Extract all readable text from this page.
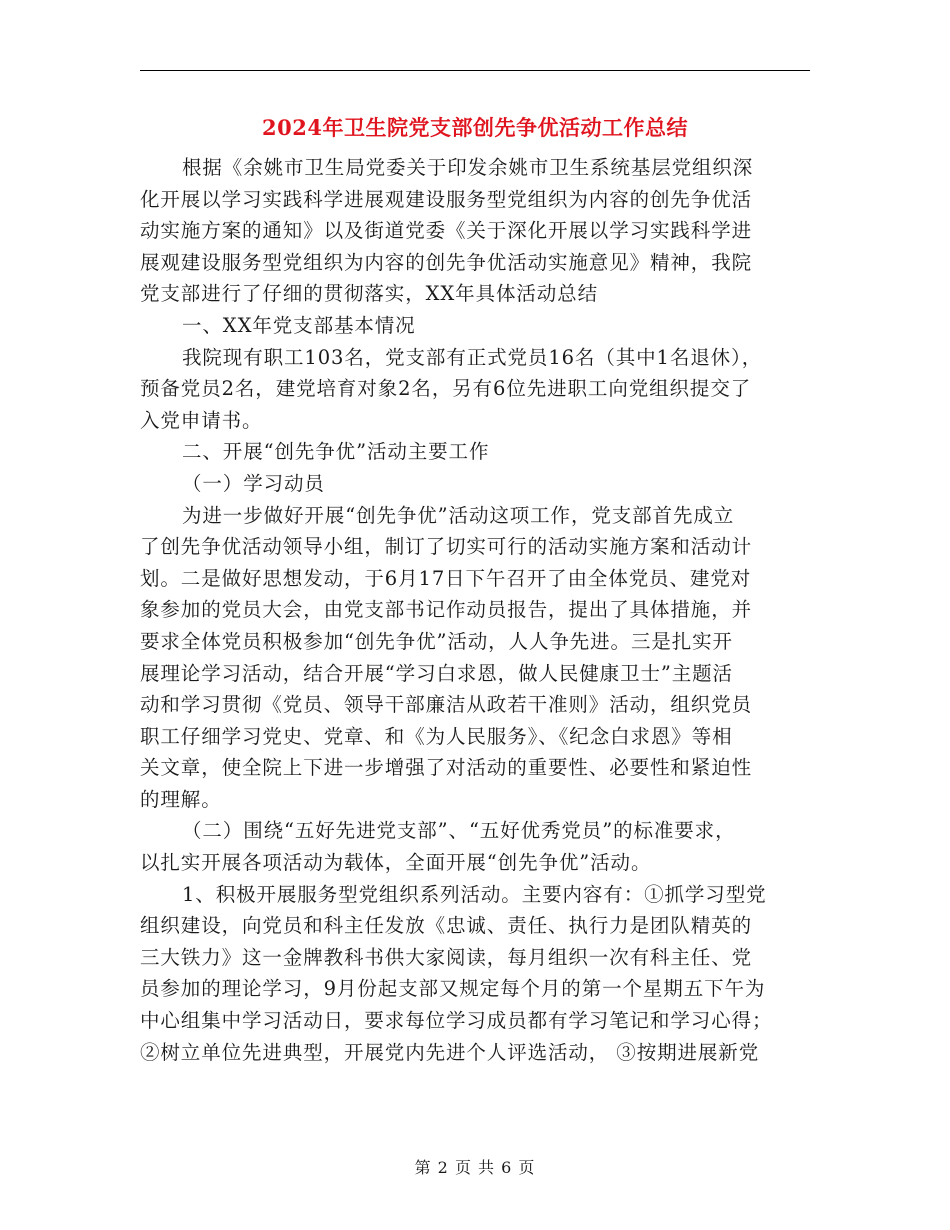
2024年卫生院党支部创先争优活动工作总结
根据《余姚市卫生局党委关于印发余姚市卫生系统基层党组织深
化开展以学习实践科学进展观建设服务型党组织为内容的创先争优活
动实施方案的通知》以及街道党委《关于深化开展以学习实践科学进
展观建设服务型党组织为内容的创先争优活动实施意见》精神，我院
党支部进行了仔细的贯彻落实，XX年具体活动总结
一、XX年党支部基本情况
我院现有职工103名，党支部有正式党员16名（其中1名退休），
预备党员2名，建党培育对象2名，另有6位先进职工向党组织提交了
入党申请书。
二、开展“创先争优”活动主要工作
（一）学习动员
为进一步做好开展“创先争优”活动这项工作，党支部首先成立
了创先争优活动领导小组，制订了切实可行的活动实施方案和活动计
划。二是做好思想发动，于6月17日下午召开了由全体党员、建党对
象参加的党员大会，由党支部书记作动员报告，提出了具体措施，并
要求全体党员积极参加“创先争优”活动，人人争先进。三是扎实开
展理论学习活动，结合开展“学习白求恩，做人民健康卫士”主题活
动和学习贯彻《党员、领导干部廉洁从政若干准则》活动，组织党员
职工仔细学习党史、党章、和《为人民服务》、《纪念白求恩》等相
关文章，使全院上下进一步增强了对活动的重要性、必要性和紧迫性
的理解。
（二）围绕“五好先进党支部”、“五好优秀党员”的标准要求，
以扎实开展各项活动为载体，全面开展“创先争优”活动。
1、积极开展服务型党组织系列活动。主要内容有：①抓学习型党
组织建设，向党员和科主任发放《忠诚、责任、执行力是团队精英的
三大铁力》这一金牌教科书供大家阅读，每月组织一次有科主任、党
员参加的理论学习，9月份起支部又规定每个月的第一个星期五下午为
中心组集中学习活动日，要求每位学习成员都有学习笔记和学习心得；
②树立单位先进典型，开展党内先进个人评选活动， ③按期进展新党
第 2 页 共 6 页
